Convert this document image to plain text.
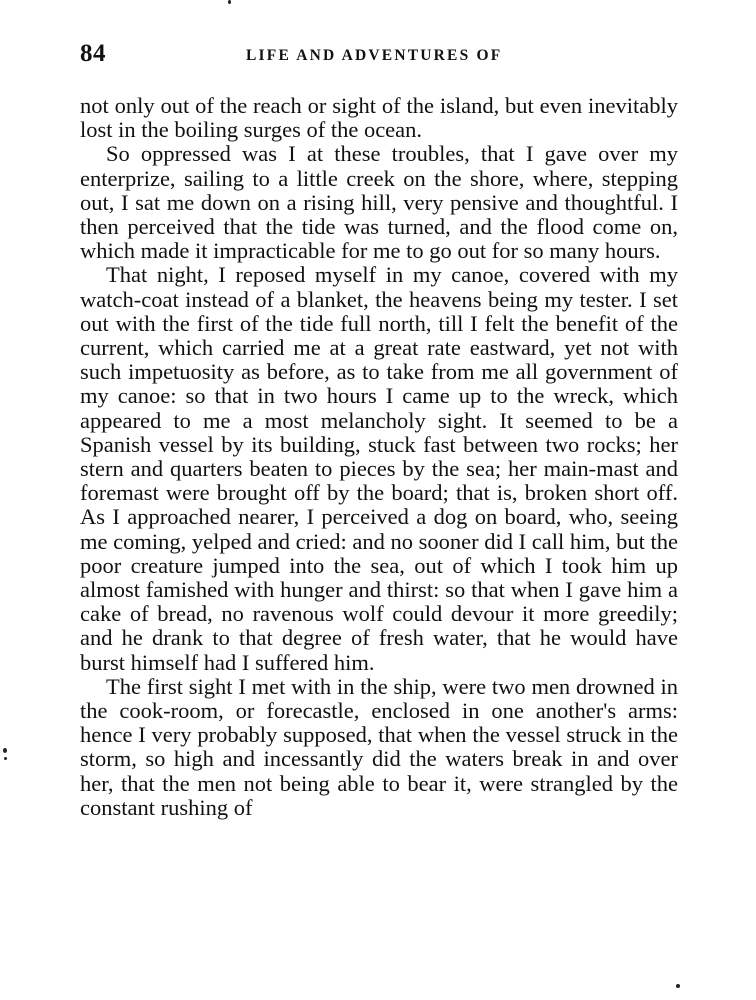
84	LIFE AND ADVENTURES OF

not only out of the reach or sight of the island, but even inevitably lost in the boiling surges of the ocean.

So oppressed was I at these troubles, that I gave over my enterprize, sailing to a little creek on the shore, where, stepping out, I sat me down on a rising hill, very pensive and thoughtful. I then perceived that the tide was turned, and the flood come on, which made it impracticable for me to go out for so many hours.

That night, I reposed myself in my canoe, covered with my watch-coat instead of a blanket, the heavens being my tester. I set out with the first of the tide full north, till I felt the benefit of the current, which carried me at a great rate eastward, yet not with such impetuosity as before, as to take from me all government of my canoe: so that in two hours I came up to the wreck, which appeared to me a most melancholy sight. It seemed to be a Spanish vessel by its building, stuck fast between two rocks; her stern and quarters beaten to pieces by the sea; her main-mast and foremast were brought off by the board; that is, broken short off. As I approached nearer, I perceived a dog on board, who, seeing me coming, yelped and cried: and no sooner did I call him, but the poor creature jumped into the sea, out of which I took him up almost famished with hunger and thirst: so that when I gave him a cake of bread, no ravenous wolf could devour it more greedily; and he drank to that degree of fresh water, that he would have burst himself had I suffered him.

The first sight I met with in the ship, were two men drowned in the cook-room, or forecastle, enclosed in one another's arms: hence I very probably supposed, that when the vessel struck in the storm, so high and incessantly did the waters break in and over her, that the men not being able to bear it, were strangled by the constant rushing of
